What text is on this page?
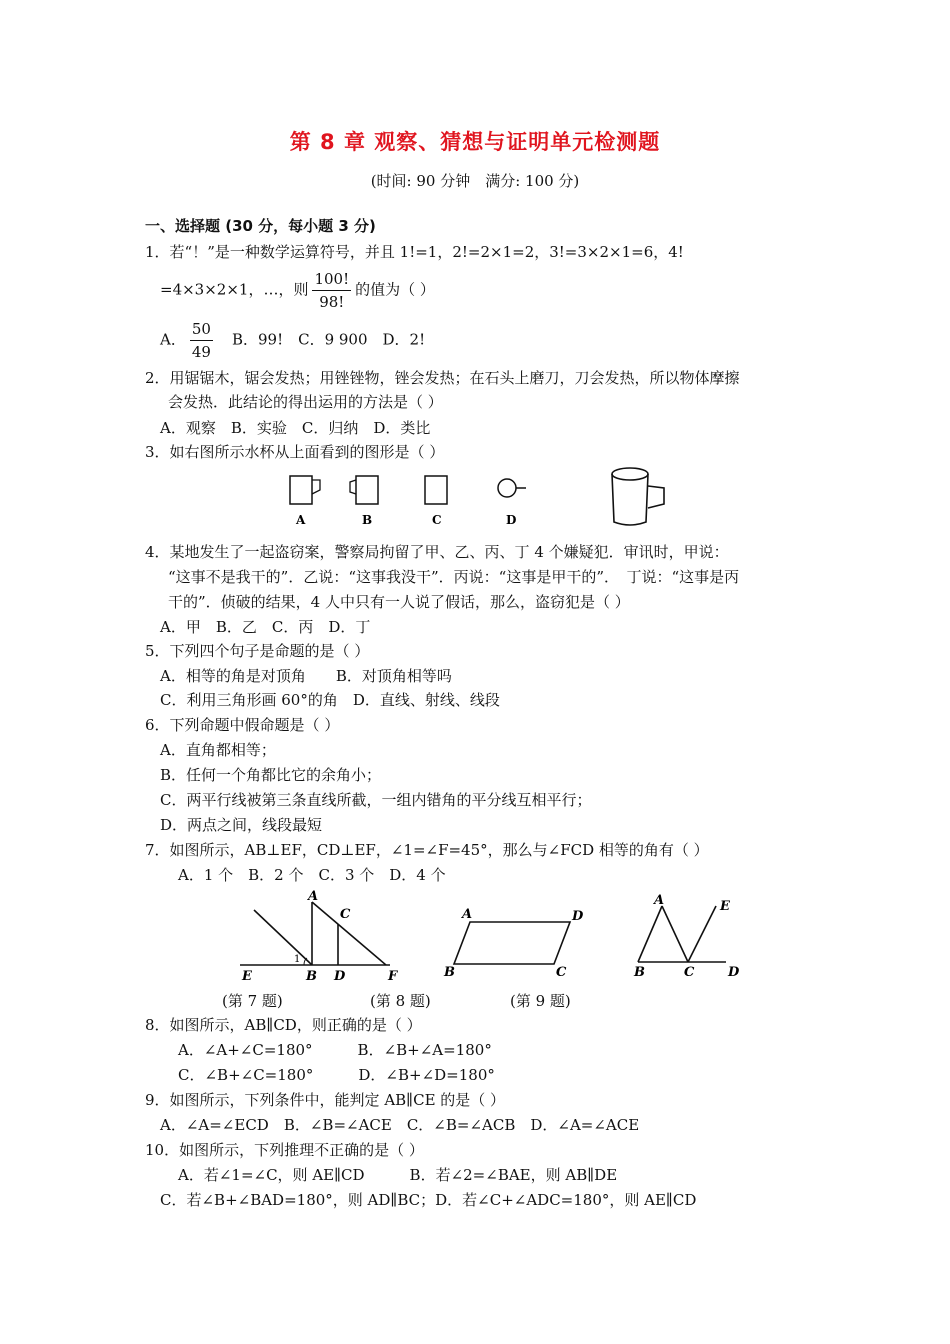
第 8 章 观察、猜想与证明单元检测题
(时间: 90 分钟　满分: 100 分)
一、选择题 (30 分，每小题 3 分)
1．若“！”是一种数学运算符号，并且 1!=1，2!=2×1=2，3!=3×2×1=6，4!
=4×3×2×1，…，则 $\frac{100!}{98!}$ 的值为（ ）
A． $\frac{50}{49}$
　 B．99!　C．9 900　D．2!
2．用锯锯木，锯会发热；用锉锉物，锉会发热；在石头上磨刀，刀会发热，所以物体摩擦
会发热．此结论的得出运用的方法是（ ）
A．观察　B．实验　C．归纳　D．类比
3．如右图所示水杯从上面看到的图形是（ ）
A	B	C	D
4．某地发生了一起盗窃案，警察局拘留了甲、乙、丙、丁 4 个嫌疑犯．审讯时，甲说：
“这事不是我干的”．乙说：“这事我没干”．丙说：“这事是甲干的”．　丁说：“这事是丙
干的”．侦破的结果，4 人中只有一人说了假话，那么，盗窃犯是（ ）
A．甲　B．乙　C．丙　D．丁
5．下列四个句子是命题的是（ ）
A．相等的角是对顶角　　B．对顶角相等吗
C．利用三角形画 60°的角　D．直线、射线、线段
6．下列命题中假命题是（ ）
A．直角都相等；
B．任何一个角都比它的余角小；
C．两平行线被第三条直线所截，一组内错角的平分线互相平行；
D．两点之间，线段最短
7．如图所示，AB⊥EF，CD⊥EF，∠1=∠F=45°，那么与∠FCD 相等的角有（ ）
A．1 个　B．2 个　C．3 个　D．4 个
A
C
E	B D	F
1
A	D
B	C
A	E
B	C	D
(第 7 题)	(第 8 题)	(第 9 题)
8．如图所示，AB∥CD，则正确的是（ ）
A．∠A+∠C=180°　　　B．∠B+∠A=180°
C．∠B+∠C=180°　　　D．∠B+∠D=180°
9．如图所示，下列条件中，能判定 AB∥CE 的是（ ）
A．∠A=∠ECD　B．∠B=∠ACE　C．∠B=∠ACB　D．∠A=∠ACE
10．如图所示，下列推理不正确的是（ ）
A．若∠1=∠C，则 AE∥CD　　　B．若∠2=∠BAE，则 AB∥DE
C．若∠B+∠BAD=180°，则 AD∥BC；D．若∠C+∠ADC=180°，则 AE∥CD
